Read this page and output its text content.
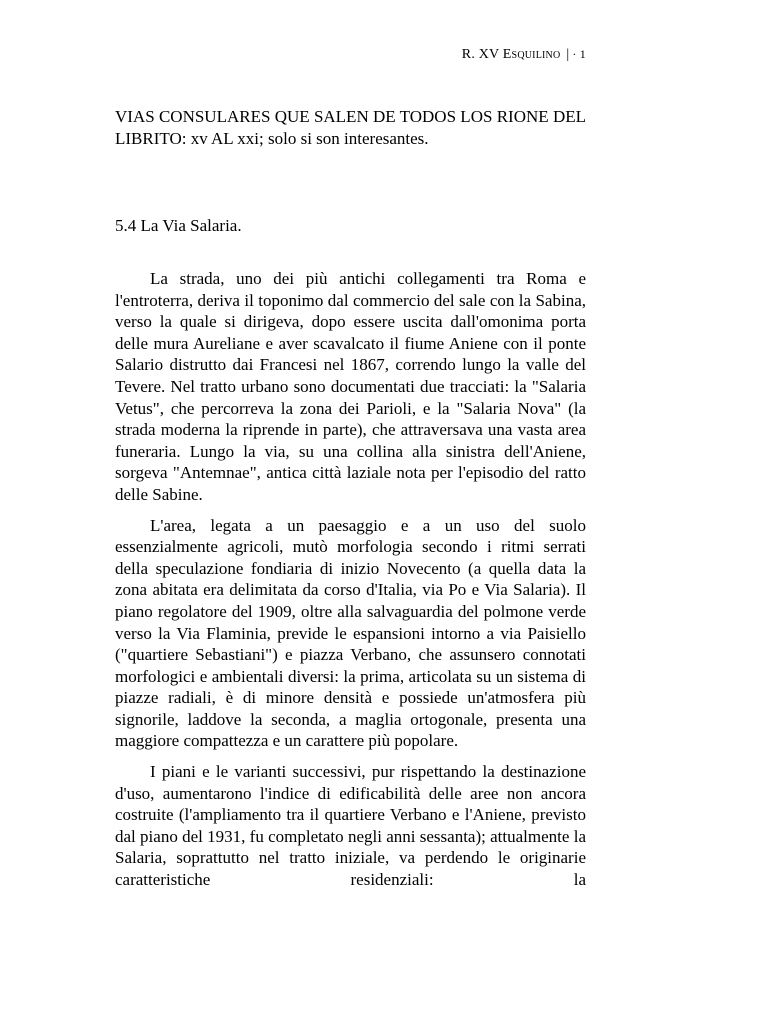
R. XV Esquilino | · 1

VIAS CONSULARES QUE SALEN DE TODOS LOS RIONE DEL LIBRITO: xv AL xxi; solo si son interesantes.

5.4 La Via Salaria.

La strada, uno dei più antichi collegamenti tra Roma e l'entroterra, deriva il toponimo dal commercio del sale con la Sabina, verso la quale si dirigeva, dopo essere uscita dall'omonima porta delle mura Aureliane e aver scavalcato il fiume Aniene con il ponte Salario distrutto dai Francesi nel 1867, correndo lungo la valle del Tevere. Nel tratto urbano sono documentati due tracciati: la "Salaria Vetus", che percorreva la zona dei Parioli, e la "Salaria Nova" (la strada moderna la riprende in parte), che attraversava una vasta area funeraria. Lungo la via, su una collina alla sinistra dell'Aniene, sorgeva "Antemnae", antica città laziale nota per l'episodio del ratto delle Sabine.

L'area, legata a un paesaggio e a un uso del suolo essenzialmente agricoli, mutò morfologia secondo i ritmi serrati della speculazione fondiaria di inizio Novecento (a quella data la zona abitata era delimitata da corso d'Italia, via Po e Via Salaria). Il piano regolatore del 1909, oltre alla salvaguardia del polmone verde verso la Via Flaminia, previde le espansioni intorno a via Paisiello ("quartiere Sebastiani") e piazza Verbano, che assunsero connotati morfologici e ambientali diversi: la prima, articolata su un sistema di piazze radiali, è di minore densità e possiede un'atmosfera più signorile, laddove la seconda, a maglia ortogonale, presenta una maggiore compattezza e un carattere più popolare.

I piani e le varianti successivi, pur rispettando la destinazione d'uso, aumentarono l'indice di edificabilità delle aree non ancora costruite (l'ampliamento tra il quartiere Verbano e l'Aniene, previsto dal piano del 1931, fu completato negli anni sessanta); attualmente la Salaria, soprattutto nel tratto iniziale, va perdendo le originarie caratteristiche residenziali: la
